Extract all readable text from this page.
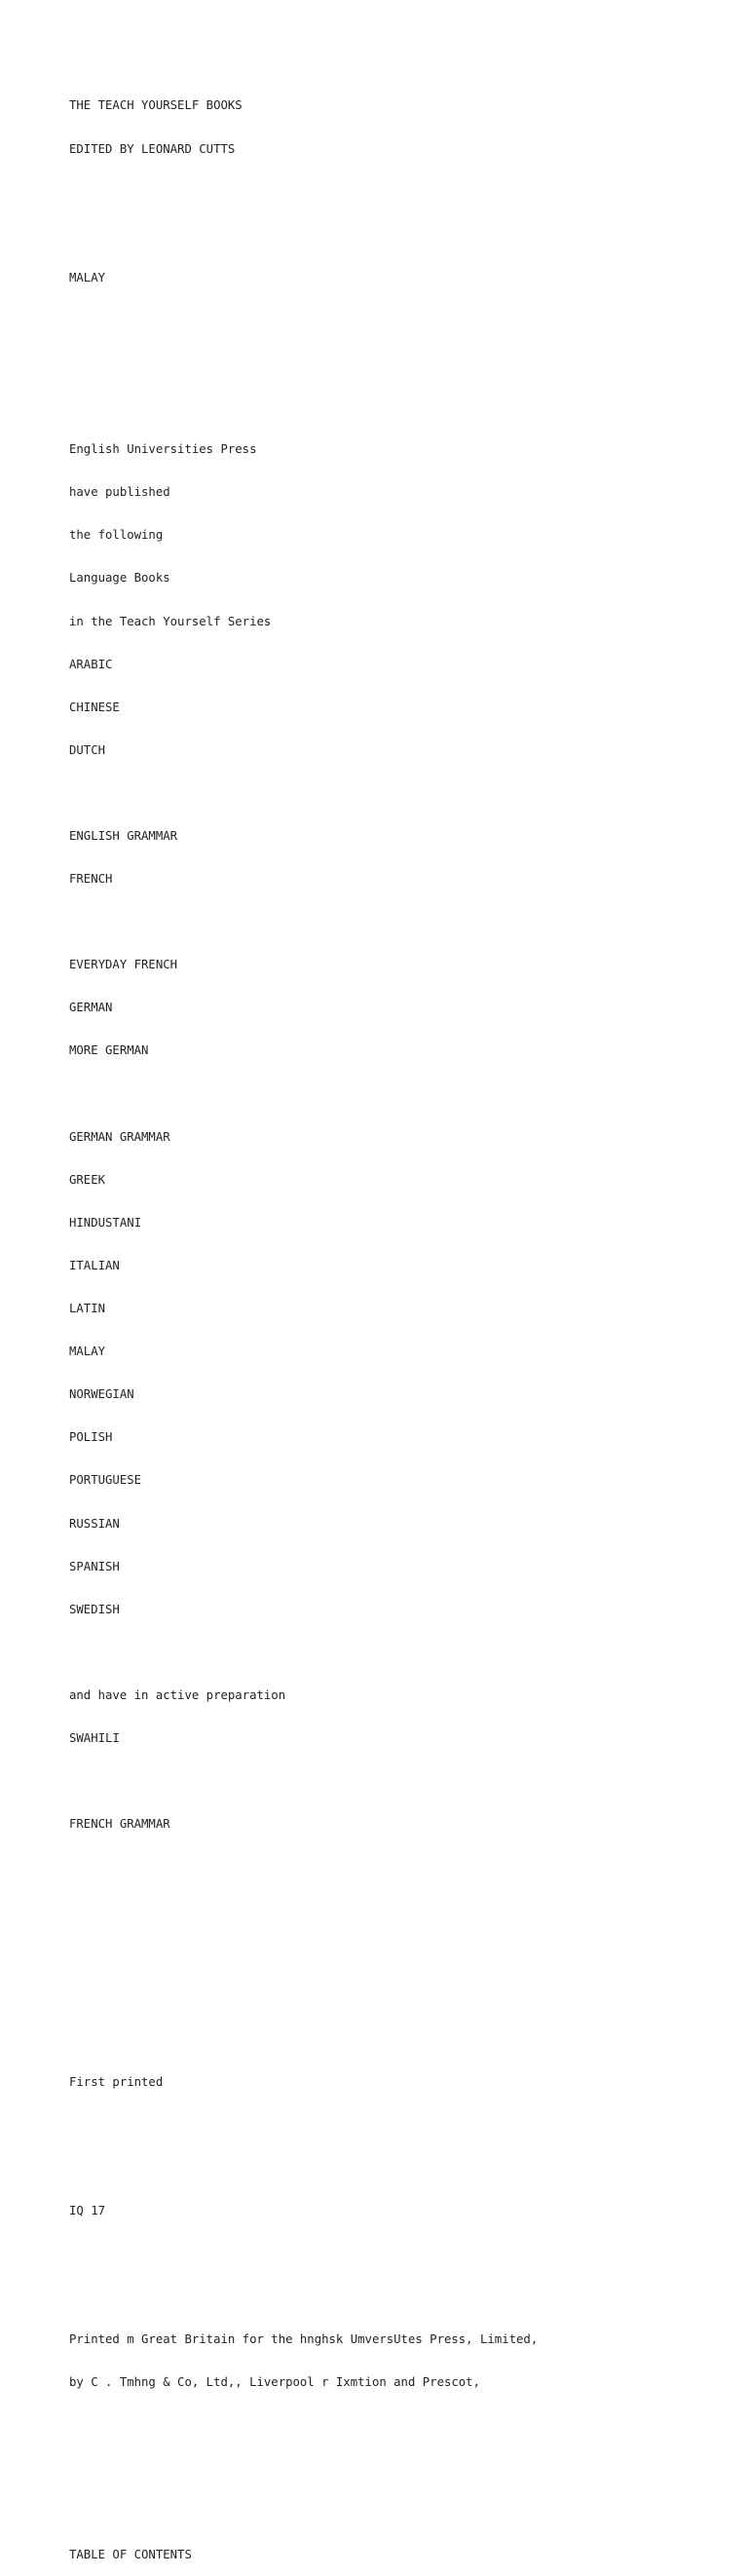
THE TEACH YOURSELF BOOKS

EDITED BY LEONARD CUTTS

MALAY

English Universities Press

have published

the following

Language Books

in the Teach Yourself Series

ARABIC

CHINESE

DUTCH

ENGLISH GRAMMAR

FRENCH

EVERYDAY FRENCH

GERMAN

MORE GERMAN

GERMAN GRAMMAR

GREEK

HINDUSTANI

ITALIAN

LATIN

MALAY

NORWEGIAN

POLISH

PORTUGUESE

RUSSIAN

SPANISH

SWEDISH

and have in active preparation

SWAHILI

FRENCH GRAMMAR

First printed

IQ 17

Printed m Great Britain for the hnghsk UmversUtes Press, Limited,

by C . Tmhng & Co, Ltd,, Liverpool r Ixmtion and Prescot,

TABLE OF CONTENTS
